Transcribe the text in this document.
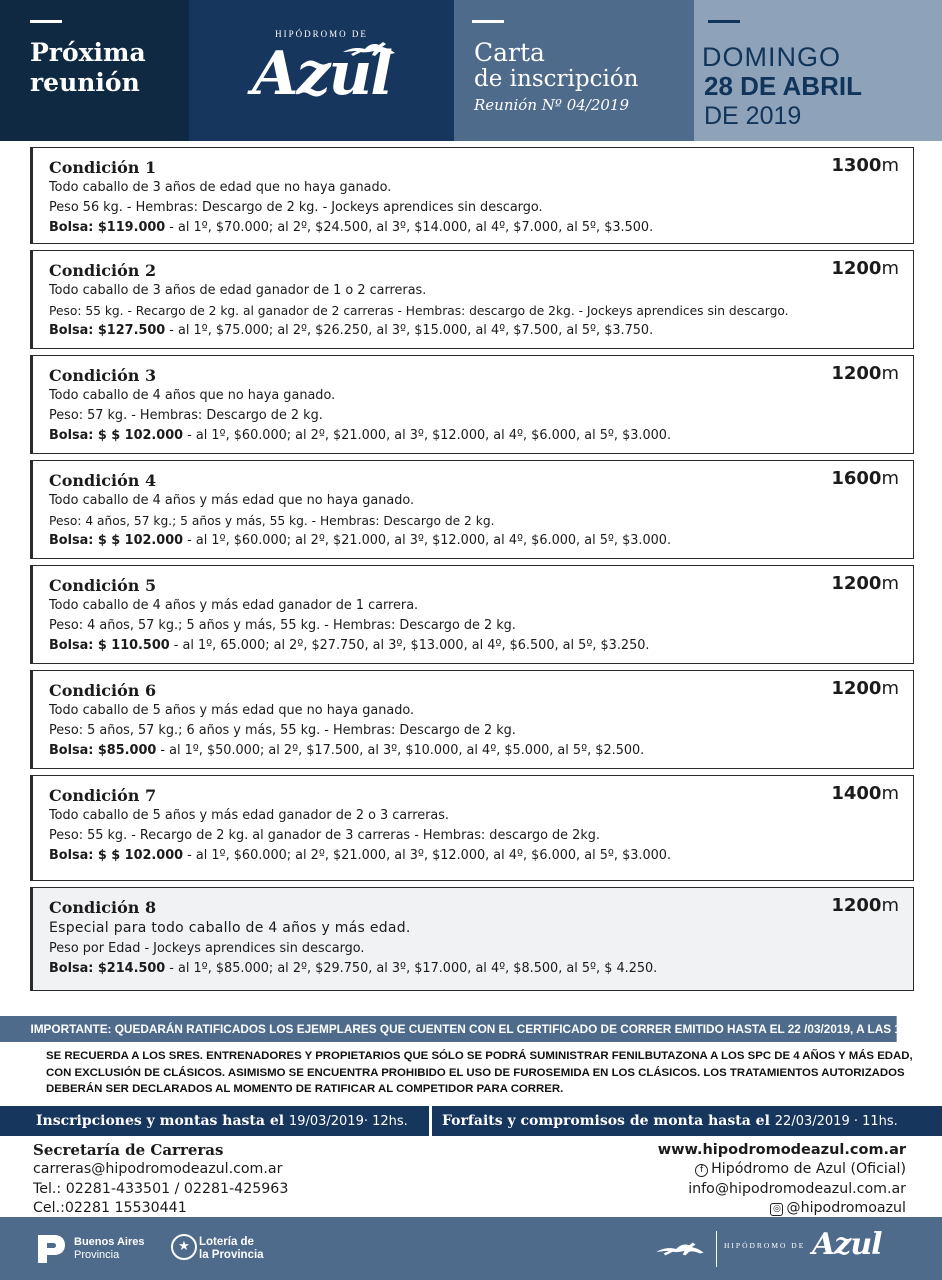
Próxima
reunión
HIPÓDROMO DE
Azul	Carta
de inscripción
Reunión Nº 04/2019
DOMINGO
28 DE ABRIL
DE 2019
Condición 1	1300m
Todo caballo de 3 años de edad que no haya ganado.
Peso 56 kg. - Hembras: Descargo de 2 kg. - Jockeys aprendices sin descargo.
Bolsa: $119.000 - al 1º, $70.000; al 2º, $24.500, al 3º, $14.000, al 4º, $7.000, al 5º, $3.500.
Condición 2	1200m
Todo caballo de 3 años de edad ganador de 1 o 2 carreras.
Peso: 55 kg. - Recargo de 2 kg. al ganador de 2 carreras - Hembras: descargo de 2kg. - Jockeys aprendices sin descargo.
Bolsa: $127.500 - al 1º, $75.000; al 2º, $26.250, al 3º, $15.000, al 4º, $7.500, al 5º, $3.750.
Condición 3	1200m
Todo caballo de 4 años que no haya ganado.
Peso: 57 kg. - Hembras: Descargo de 2 kg.
Bolsa: $ $ 102.000 - al 1º, $60.000; al 2º, $21.000, al 3º, $12.000, al 4º, $6.000, al 5º, $3.000.
Condición 4	1600m
Todo caballo de 4 años y más edad que no haya ganado.
Peso: 4 años, 57 kg.; 5 años y más, 55 kg. - Hembras: Descargo de 2 kg.
Bolsa: $ $ 102.000 - al 1º, $60.000; al 2º, $21.000, al 3º, $12.000, al 4º, $6.000, al 5º, $3.000.
Condición 5	1200m
Todo caballo de 4 años y más edad ganador de 1 carrera.
Peso: 4 años, 57 kg.; 5 años y más, 55 kg. - Hembras: Descargo de 2 kg.
Bolsa: $ 110.500 - al 1º, 65.000; al 2º, $27.750, al 3º, $13.000, al 4º, $6.500, al 5º, $3.250.
Condición 6	1200m
Todo caballo de 5 años y más edad que no haya ganado.
Peso: 5 años, 57 kg.; 6 años y más, 55 kg. - Hembras: Descargo de 2 kg.
Bolsa: $85.000 - al 1º, $50.000; al 2º, $17.500, al 3º, $10.000, al 4º, $5.000, al 5º, $2.500.
Condición 7	1400m
Todo caballo de 5 años y más edad ganador de 2 o 3 carreras.
Peso: 55 kg. - Recargo de 2 kg. al ganador de 3 carreras - Hembras: descargo de 2kg.
Bolsa: $ $ 102.000 - al 1º, $60.000; al 2º, $21.000, al 3º, $12.000, al 4º, $6.000, al 5º, $3.000.
Condición 8	1200m
Especial para todo caballo de 4 años y más edad.
Peso por Edad - Jockeys aprendices sin descargo.
Bolsa: $214.500 - al 1º, $85.000; al 2º, $29.750, al 3º, $17.000, al 4º, $8.500, al 5º, $ 4.250.
IMPORTANTE: QUEDARÁN RATIFICADOS LOS EJEMPLARES QUE CUENTEN CON EL CERTIFICADO DE CORRER EMITIDO HASTA EL 22 /03/2019, A LAS 12 HS.
SE RECUERDA A LOS SRES. ENTRENADORES Y PROPIETARIOS QUE SÓLO SE PODRÁ SUMINISTRAR FENILBUTAZONA A LOS SPC DE 4 AÑOS Y MÁS EDAD, CON EXCLUSIÓN DE CLÁSICOS. ASIMISMO SE ENCUENTRA PROHIBIDO EL USO DE FUROSEMIDA EN LOS CLÁSICOS. LOS TRATAMIENTOS AUTORIZADOS DEBERÁN SER DECLARADOS AL MOMENTO DE RATIFICAR AL COMPETIDOR PARA CORRER.
Inscripciones y montas hasta el 19/03/2019· 12hs.	Forfaits y compromisos de monta hasta el 22/03/2019 · 11hs.
Secretaría de Carreras
carreras@hipodromodeazul.com.ar
Tel.: 02281-433501 / 02281-425963
Cel.:02281 15530441
www.hipodromodeazul.com.ar
f Hipódromo de Azul (Oficial)
info@hipodromodeazul.com.ar
◎ @hipodromoazul
Buenos Aires
Provincia
★ Lotería de
la Provincia
HIPÓDROMO DE Azul
